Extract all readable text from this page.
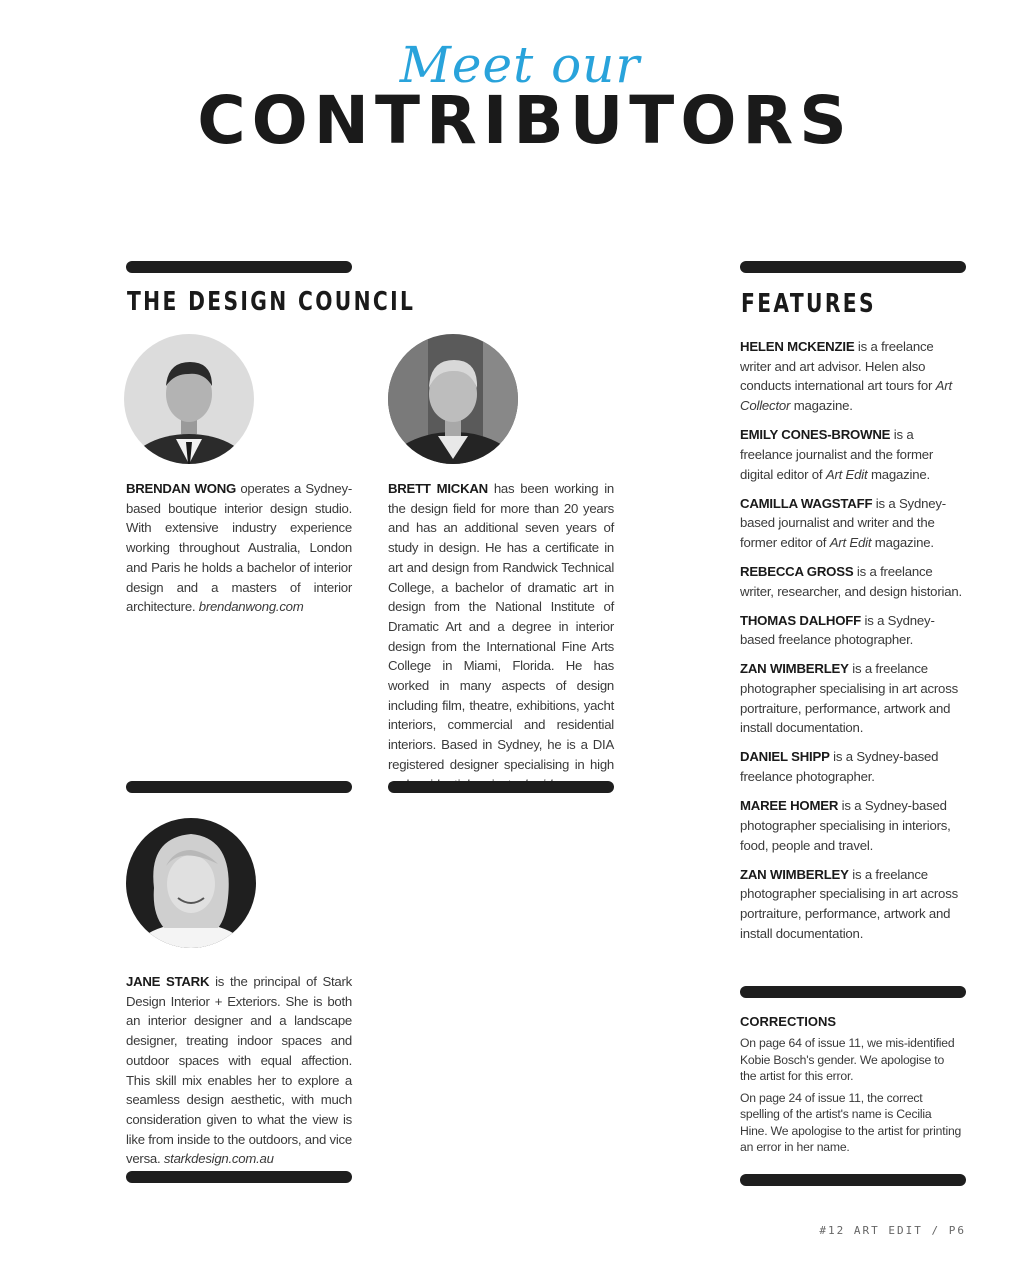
Meet our
CONTRIBUTORS
THE DESIGN COUNCIL
BRENDAN WONG operates a Sydney-based boutique interior design studio. With extensive industry experience working throughout Australia, London and Paris he holds a bachelor of interior design and a masters of interior architecture. brendanwong.com
BRETT MICKAN has been working in the design field for more than 20 years and has an additional seven years of study in design. He has a certificate in art and design from Randwick Technical College, a bachelor of dramatic art in design from the National Institute of Dramatic Art and a degree in interior design from the International Fine Arts College in Miami, Florida. He has worked in many aspects of design including film, theatre, exhibitions, yacht interiors, commercial and residential interiors. Based in Sydney, he is a DIA registered designer specialising in high
JANE STARK is the principal of Stark Design Interior + Exteriors. She is both an interior designer and a landscape designer, treating indoor spaces and outdoor spaces with equal affection. This skill mix enables her to explore a seamless design aesthetic, with much consideration given to what the view is like from inside to the outdoors, and vice versa. starkdesign.com.au
FEATURES
HELEN MCKENZIE is a freelance writer and art advisor. Helen also conducts international art tours for Art Collector magazine.
EMILY CONES-BROWNE is a freelance journalist and the former digital editor of Art Edit magazine.
CAMILLA WAGSTAFF is a Sydney-based journalist and writer and the former editor of Art Edit magazine.
REBECCA GROSS is a freelance writer, researcher, and design historian.
THOMAS DALHOFF is a Sydney-based freelance photographer.
ZAN WIMBERLEY is a freelance photographer specialising in art across portraiture, performance, artwork and install documentation.
DANIEL SHIPP is a Sydney-based freelance photographer.
MAREE HOMER is a Sydney-based photographer specialising in interiors, food, people and travel.
ZAN WIMBERLEY is a freelance photographer specialising in art across portraiture, performance, artwork and install documentation.
CORRECTIONS

On page 64 of issue 11, we mis-identified Kobie Bosch's gender. We apologise to the artist for this error.

On page 24 of issue 11, the correct spelling of the artist's name is Cecilia Hine. We apologise to the artist for printing an error in her name.

#12 ART EDIT / P6
